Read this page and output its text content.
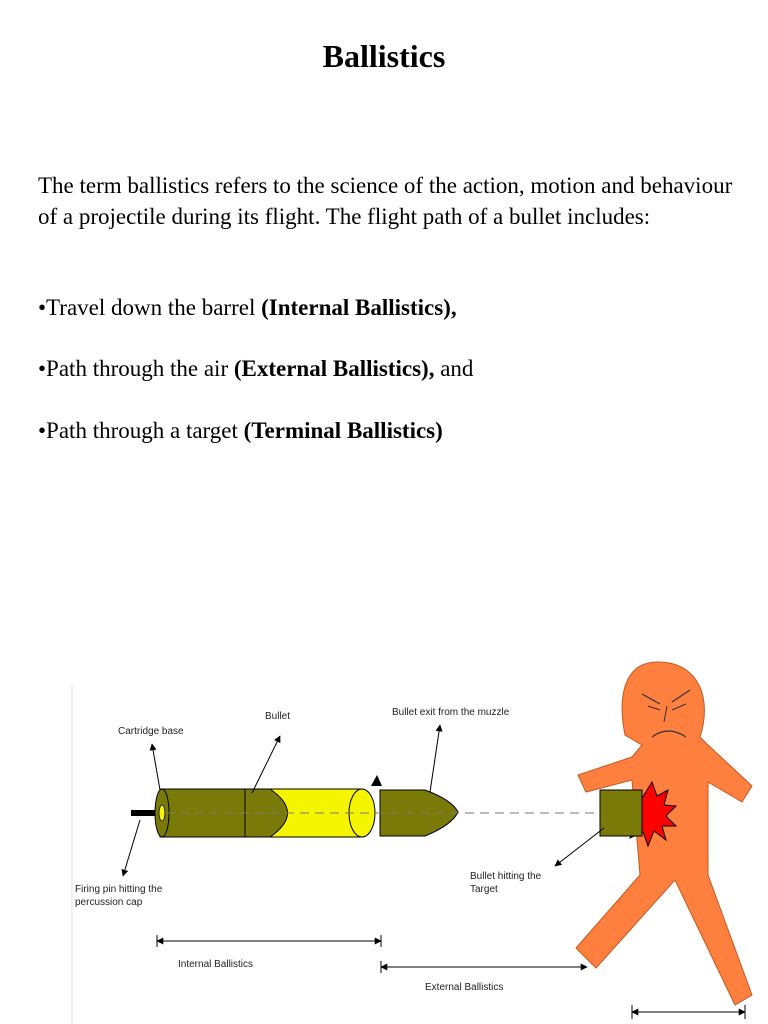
Ballistics

The term ballistics refers to the science of the action, motion and behaviour of a projectile during its flight. The flight path of a bullet includes:

•Travel down the barrel (Internal Ballistics),

•Path through the air (External Ballistics), and

•Path through a target (Terminal Ballistics)

Cartridge base
Bullet	Bullet exit from the muzzle
Firing pin hitting the
percussion cap
Bullet hitting the
Target
Internal Ballistics
External Ballistics
